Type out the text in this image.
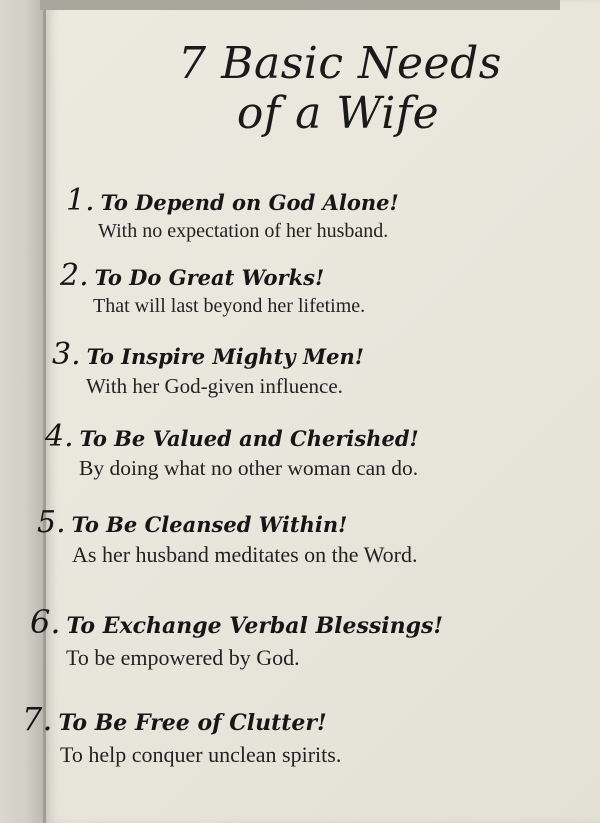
7 Basic Needs
of a Wife
1. To Depend on God Alone!
With no expectation of her husband.
2. To Do Great Works!
That will last beyond her lifetime.
3. To Inspire Mighty Men!
With her God-given influence.
4. To Be Valued and Cherished!
By doing what no other woman can do.
5. To Be Cleansed Within!
As her husband meditates on the Word.
6. To Exchange Verbal Blessings!
To be empowered by God.
7. To Be Free of Clutter!
To help conquer unclean spirits.
